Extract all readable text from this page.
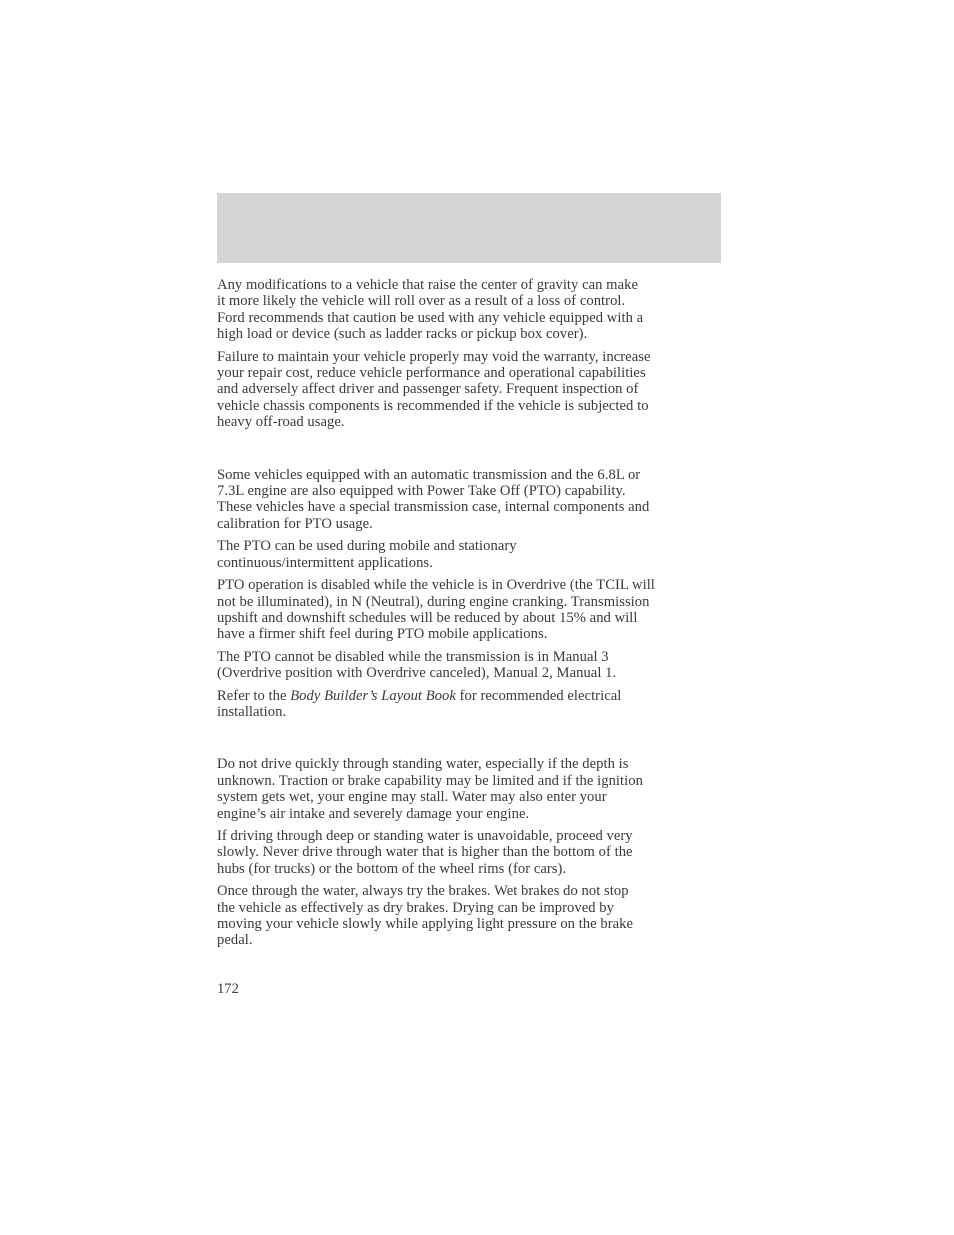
Any modifications to a vehicle that raise the center of gravity can make
it more likely the vehicle will roll over as a result of a loss of control.
Ford recommends that caution be used with any vehicle equipped with a
high load or device (such as ladder racks or pickup box cover).

Failure to maintain your vehicle properly may void the warranty, increase
your repair cost, reduce vehicle performance and operational capabilities
and adversely affect driver and passenger safety. Frequent inspection of
vehicle chassis components is recommended if the vehicle is subjected to
heavy off-road usage.

Some vehicles equipped with an automatic transmission and the 6.8L or
7.3L engine are also equipped with Power Take Off (PTO) capability.
These vehicles have a special transmission case, internal components and
calibration for PTO usage.

The PTO can be used during mobile and stationary
continuous/intermittent applications.

PTO operation is disabled while the vehicle is in Overdrive (the TCIL will
not be illuminated), in N (Neutral), during engine cranking. Transmission
upshift and downshift schedules will be reduced by about 15% and will
have a firmer shift feel during PTO mobile applications.

The PTO cannot be disabled while the transmission is in Manual 3
(Overdrive position with Overdrive canceled), Manual 2, Manual 1.

Refer to the Body Builder’s Layout Book for recommended electrical
installation.

Do not drive quickly through standing water, especially if the depth is
unknown. Traction or brake capability may be limited and if the ignition
system gets wet, your engine may stall. Water may also enter your
engine’s air intake and severely damage your engine.

If driving through deep or standing water is unavoidable, proceed very
slowly. Never drive through water that is higher than the bottom of the
hubs (for trucks) or the bottom of the wheel rims (for cars).

Once through the water, always try the brakes. Wet brakes do not stop
the vehicle as effectively as dry brakes. Drying can be improved by
moving your vehicle slowly while applying light pressure on the brake
pedal.

172
